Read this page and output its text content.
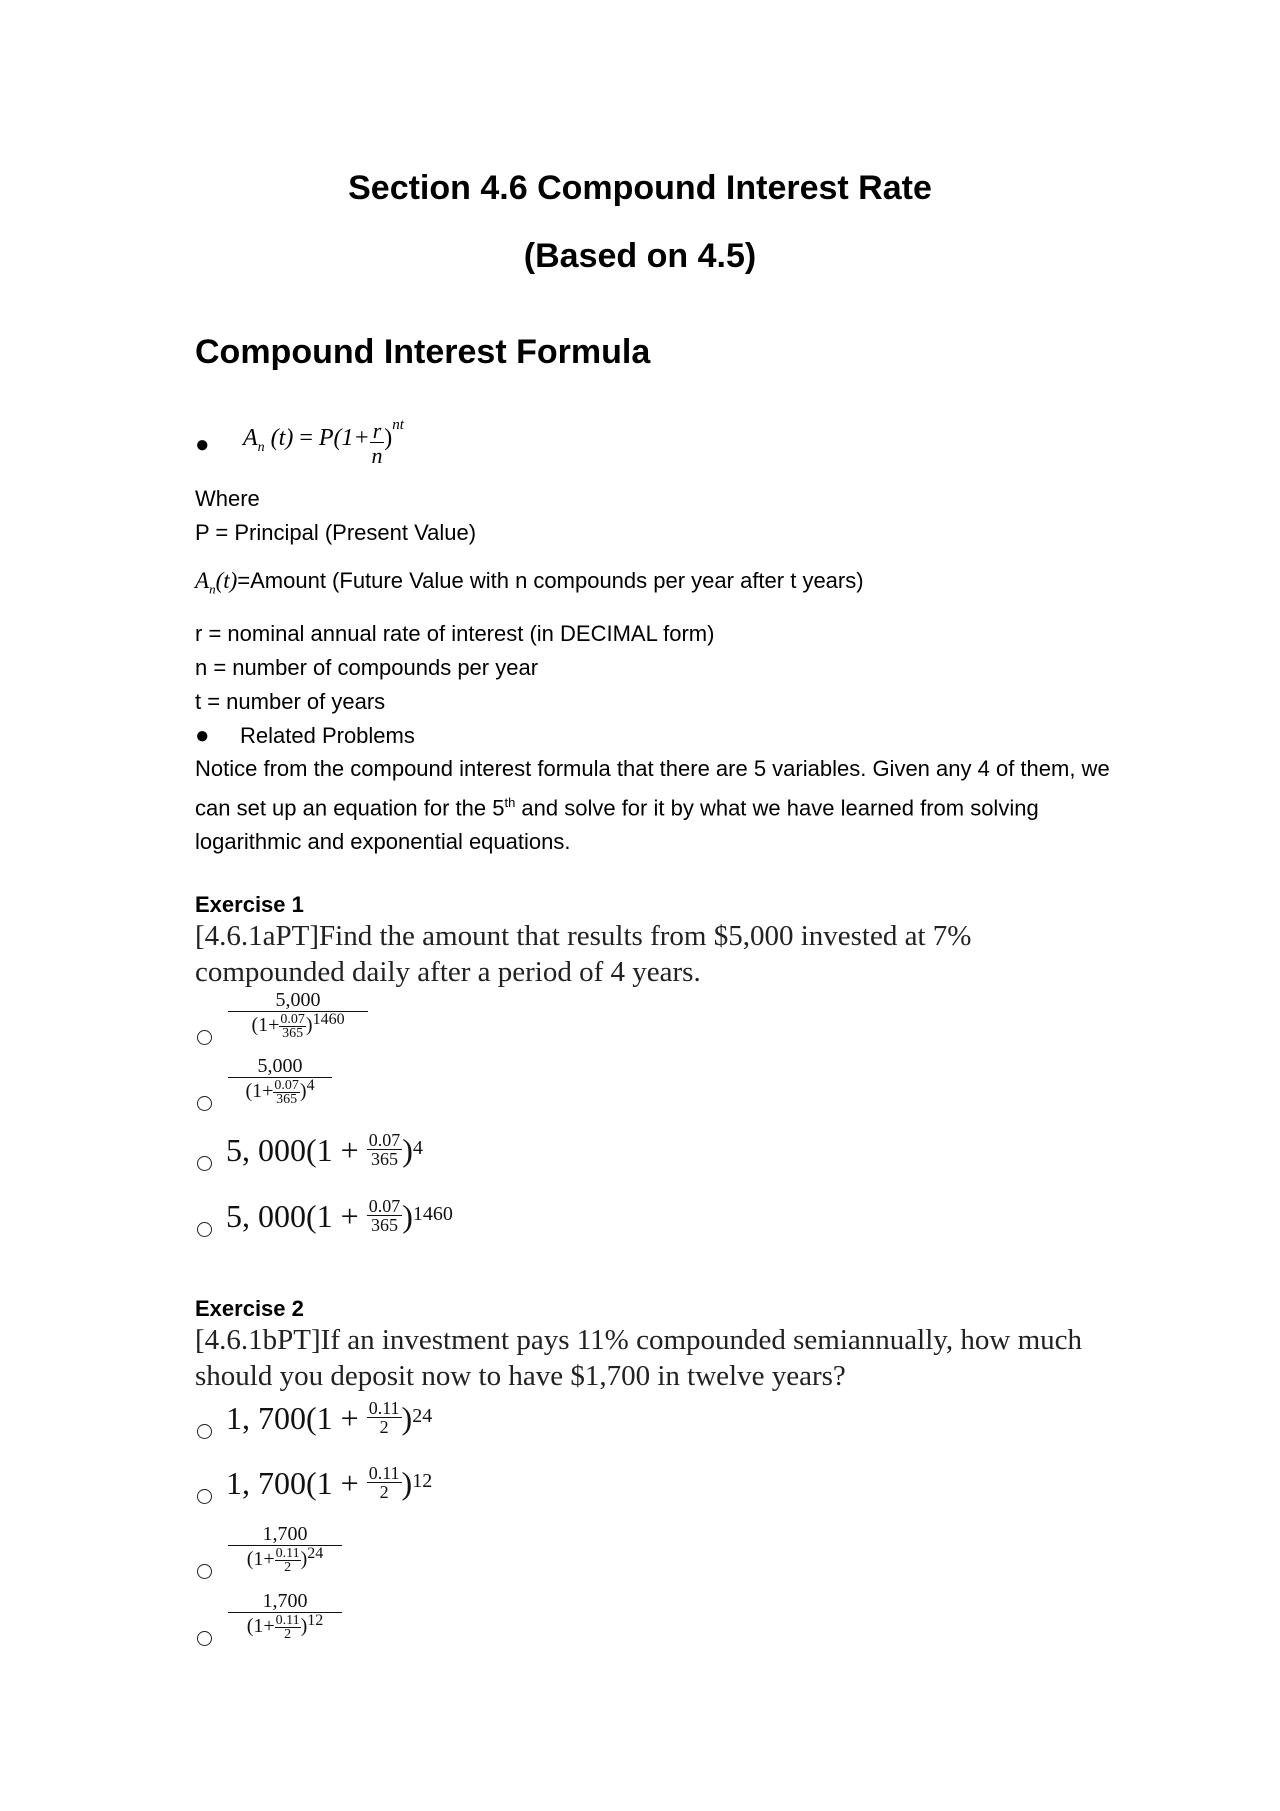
Section 4.6 Compound Interest Rate
(Based on 4.5)
Compound Interest Formula
● $A_n$ $(t) = P(1+ \frac{r}{n} )^{nt}$
Where
P = Principal (Present Value)
$A_n(t)=Amount$ (Future Value with n compounds per year after t years)
r = nominal annual rate of interest (in DECIMAL form)
n = number of compounds per year
t = number of years
● Related Problems
Notice from the compound interest formula that there are 5 variables. Given any 4 of them, we can set up an equation for the 5th and solve for it by what we have learned from solving logarithmic and exponential equations.
Exercise 1
[4.6.1aPT]Find the amount that results from $5,000 invested at 7% compounded daily after a period of 4 years.
$\frac{5,000}{(1+ \frac{0.07}{365} )^{1460}}$
$\frac{5,000}{(1+ \frac{0.07}{365} )^4}$
5, $000(1 + \frac{0.07}{365} )^4$
5, $000(1 + \frac{0.07}{365} )^{1460}$
Exercise 2
[4.6.1bPT]If an investment pays 11% compounded semiannually, how much should you deposit now to have $1,700 in twelve years?
1, $700(1 + \frac{0.11}{2} )^{24}$
1, $700(1 + \frac{0.11}{2} )^{12}$
$\frac{1,700}{(1+ \frac{0.11}{2} )^{24}}$
$\frac{1,700}{(1+ \frac{0.11}{2} )^{12}}$
